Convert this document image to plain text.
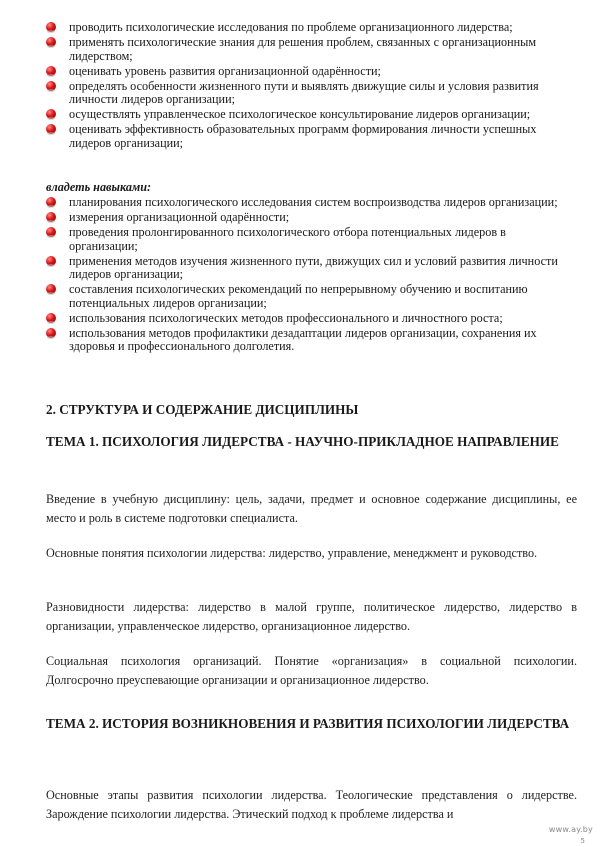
проводить психологические исследования по проблеме организационного лидерства;
применять психологические знания для решения проблем, связанных с организационным лидерством;
оценивать уровень развития организационной одарённости;
определять особенности жизненного пути и выявлять движущие силы и условия развития личности лидеров организации;
осуществлять управленческое психологическое консультирование лидеров организации;
оценивать эффективность образовательных программ формирования личности успешных лидеров организации;
владеть навыками:
планирования психологического исследования систем воспроизводства лидеров организации;
измерения организационной одарённости;
проведения пролонгированного психологического отбора потенциальных лидеров в организации;
применения методов изучения жизненного пути, движущих сил и условий развития личности лидеров организации;
составления психологических рекомендаций по непрерывному обучению и воспитанию потенциальных лидеров организации;
использования психологических методов профессионального и личностного роста;
использования методов профилактики дезадаптации лидеров организации, сохранения их здоровья и профессионального долголетия.
2. СТРУКТУРА И СОДЕРЖАНИЕ ДИСЦИПЛИНЫ
ТЕМА 1. ПСИХОЛОГИЯ ЛИДЕРСТВА - НАУЧНО-ПРИКЛАДНОЕ НАПРАВЛЕНИЕ
Введение в учебную дисциплину: цель, задачи, предмет и основное содержание дисциплины, ее место и роль в системе подготовки специалиста.
Основные понятия психологии лидерства: лидерство, управление, менеджмент и руководство.
Разновидности лидерства: лидерство в малой группе, политическое лидерство, лидерство в организации, управленческое лидерство, организационное лидерство.
Социальная психология организаций. Понятие «организация» в социальной психологии. Долгосрочно преуспевающие организации и организационное лидерство.
ТЕМА 2. ИСТОРИЯ ВОЗНИКНОВЕНИЯ И РАЗВИТИЯ ПСИХОЛОГИИ ЛИДЕРСТВА
Основные этапы развития психологии лидерства. Теологические представления о лидерстве. Зарождение психологии лидерства. Этический подход к проблеме лидерства и
www.ay.by
5
